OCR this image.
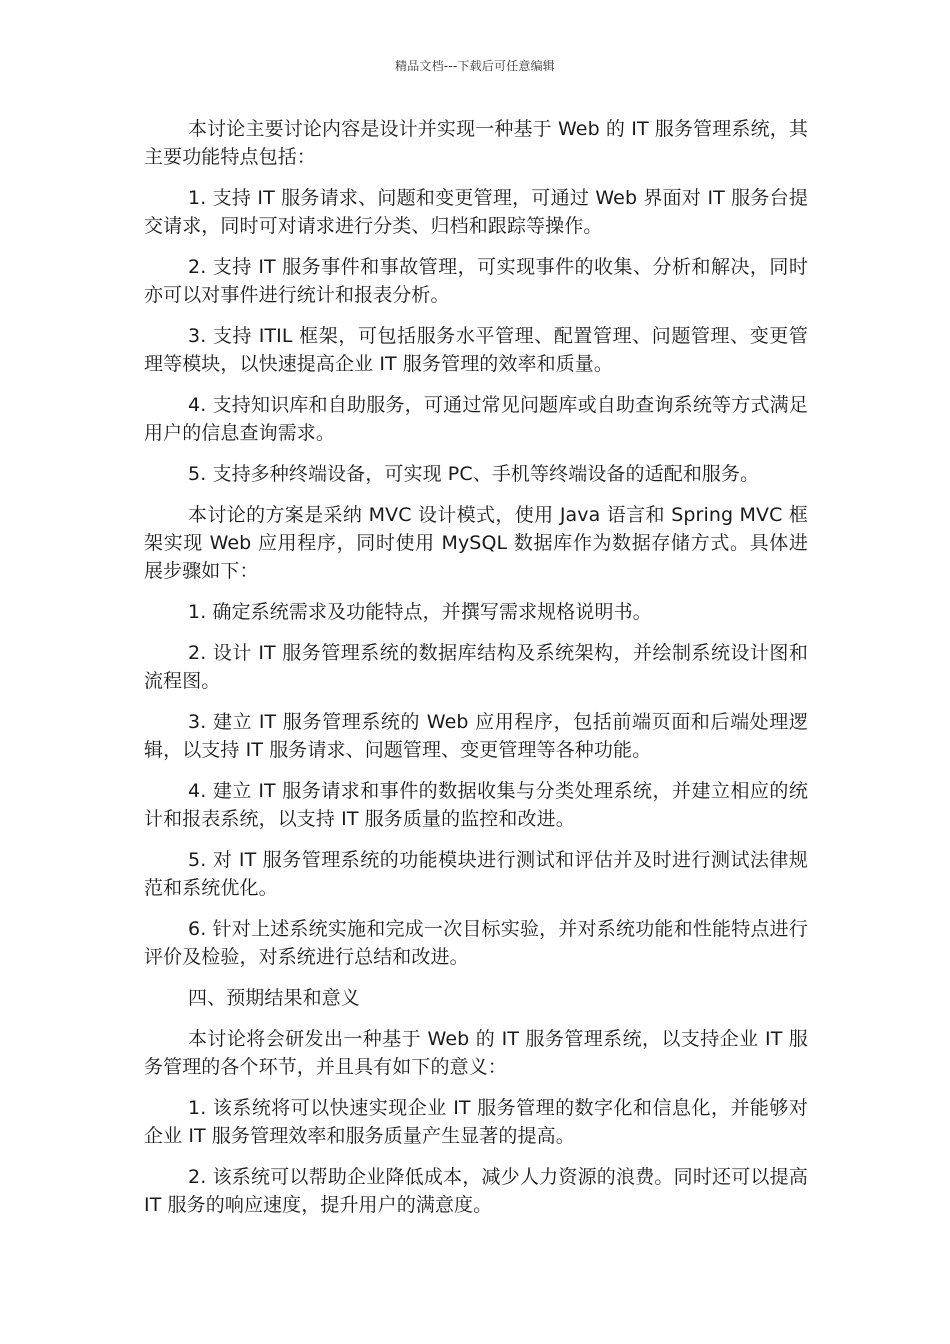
精品文档---下载后可任意编辑

本讨论主要讨论内容是设计并实现一种基于 Web 的 IT 服务管理系统，其主要功能特点包括：

1. 支持 IT 服务请求、问题和变更管理，可通过 Web 界面对 IT 服务台提交请求，同时可对请求进行分类、归档和跟踪等操作。

2. 支持 IT 服务事件和事故管理，可实现事件的收集、分析和解决，同时亦可以对事件进行统计和报表分析。

3. 支持 ITIL 框架，可包括服务水平管理、配置管理、问题管理、变更管理等模块，以快速提高企业 IT 服务管理的效率和质量。

4. 支持知识库和自助服务，可通过常见问题库或自助查询系统等方式满足用户的信息查询需求。

5. 支持多种终端设备，可实现 PC、手机等终端设备的适配和服务。

本讨论的方案是采纳 MVC 设计模式，使用 Java 语言和 Spring MVC 框架实现 Web 应用程序，同时使用 MySQL 数据库作为数据存储方式。具体进展步骤如下：

1. 确定系统需求及功能特点，并撰写需求规格说明书。

2. 设计 IT 服务管理系统的数据库结构及系统架构，并绘制系统设计图和流程图。

3. 建立 IT 服务管理系统的 Web 应用程序，包括前端页面和后端处理逻辑，以支持 IT 服务请求、问题管理、变更管理等各种功能。

4. 建立 IT 服务请求和事件的数据收集与分类处理系统，并建立相应的统计和报表系统，以支持 IT 服务质量的监控和改进。

5. 对 IT 服务管理系统的功能模块进行测试和评估并及时进行测试法律规范和系统优化。

6. 针对上述系统实施和完成一次目标实验，并对系统功能和性能特点进行评价及检验，对系统进行总结和改进。

四、预期结果和意义

本讨论将会研发出一种基于 Web 的 IT 服务管理系统，以支持企业 IT 服务管理的各个环节，并且具有如下的意义：

1. 该系统将可以快速实现企业 IT 服务管理的数字化和信息化，并能够对企业 IT 服务管理效率和服务质量产生显著的提高。

2. 该系统可以帮助企业降低成本，减少人力资源的浪费。同时还可以提高 IT 服务的响应速度，提升用户的满意度。
